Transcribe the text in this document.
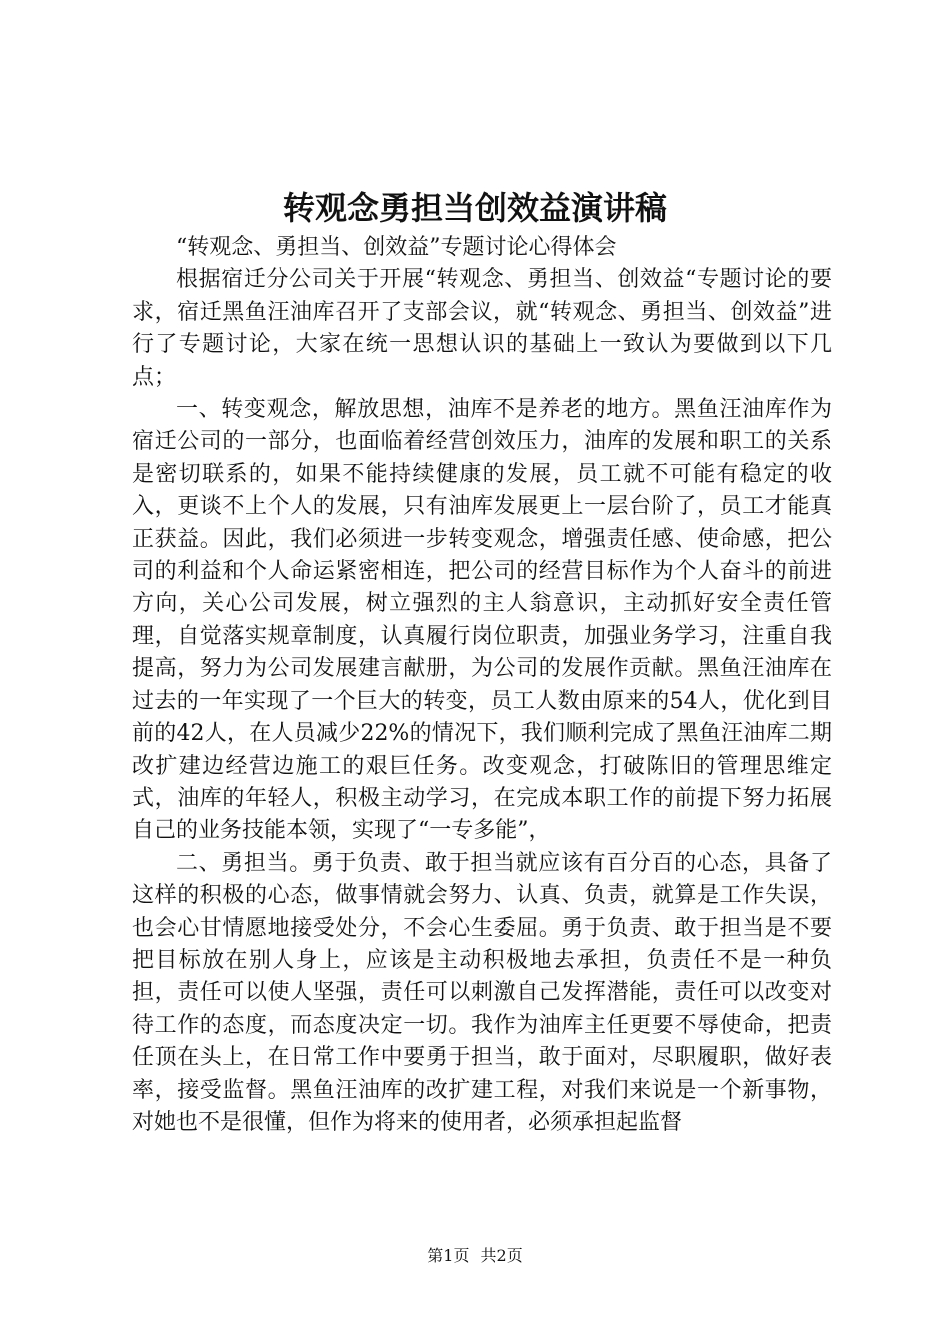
转观念勇担当创效益演讲稿

“转观念、勇担当、创效益”专题讨论心得体会

根据宿迁分公司关于开展“转观念、勇担当、创效益“专题讨论的要求，宿迁黑鱼汪油库召开了支部会议，就“转观念、勇担当、创效益”进行了专题讨论，大家在统一思想认识的基础上一致认为要做到以下几点；

一、转变观念，解放思想，油库不是养老的地方。黑鱼汪油库作为宿迁公司的一部分，也面临着经营创效压力，油库的发展和职工的关系是密切联系的，如果不能持续健康的发展，员工就不可能有稳定的收入，更谈不上个人的发展，只有油库发展更上一层台阶了，员工才能真正获益。因此，我们必须进一步转变观念，增强责任感、使命感，把公司的利益和个人命运紧密相连，把公司的经营目标作为个人奋斗的前进方向，关心公司发展，树立强烈的主人翁意识，主动抓好安全责任管理，自觉落实规章制度，认真履行岗位职责，加强业务学习，注重自我提高，努力为公司发展建言献册，为公司的发展作贡献。黑鱼汪油库在过去的一年实现了一个巨大的转变，员工人数由原来的54人，优化到目前的42人，在人员减少22%的情况下，我们顺利完成了黑鱼汪油库二期改扩建边经营边施工的艰巨任务。改变观念，打破陈旧的管理思维定式，油库的年轻人，积极主动学习，在完成本职工作的前提下努力拓展自己的业务技能本领，实现了“一专多能”，

二、勇担当。勇于负责、敢于担当就应该有百分百的心态，具备了这样的积极的心态，做事情就会努力、认真、负责，就算是工作失误，也会心甘情愿地接受处分，不会心生委屈。勇于负责、敢于担当是不要把目标放在别人身上，应该是主动积极地去承担，负责任不是一种负担，责任可以使人坚强，责任可以刺激自己发挥潜能，责任可以改变对待工作的态度，而态度决定一切。我作为油库主任更要不辱使命，把责任顶在头上，在日常工作中要勇于担当，敢于面对，尽职履职，做好表率，接受监督。黑鱼汪油库的改扩建工程，对我们来说是一个新事物，对她也不是很懂，但作为将来的使用者，必须承担起监督

第1页 共2页
